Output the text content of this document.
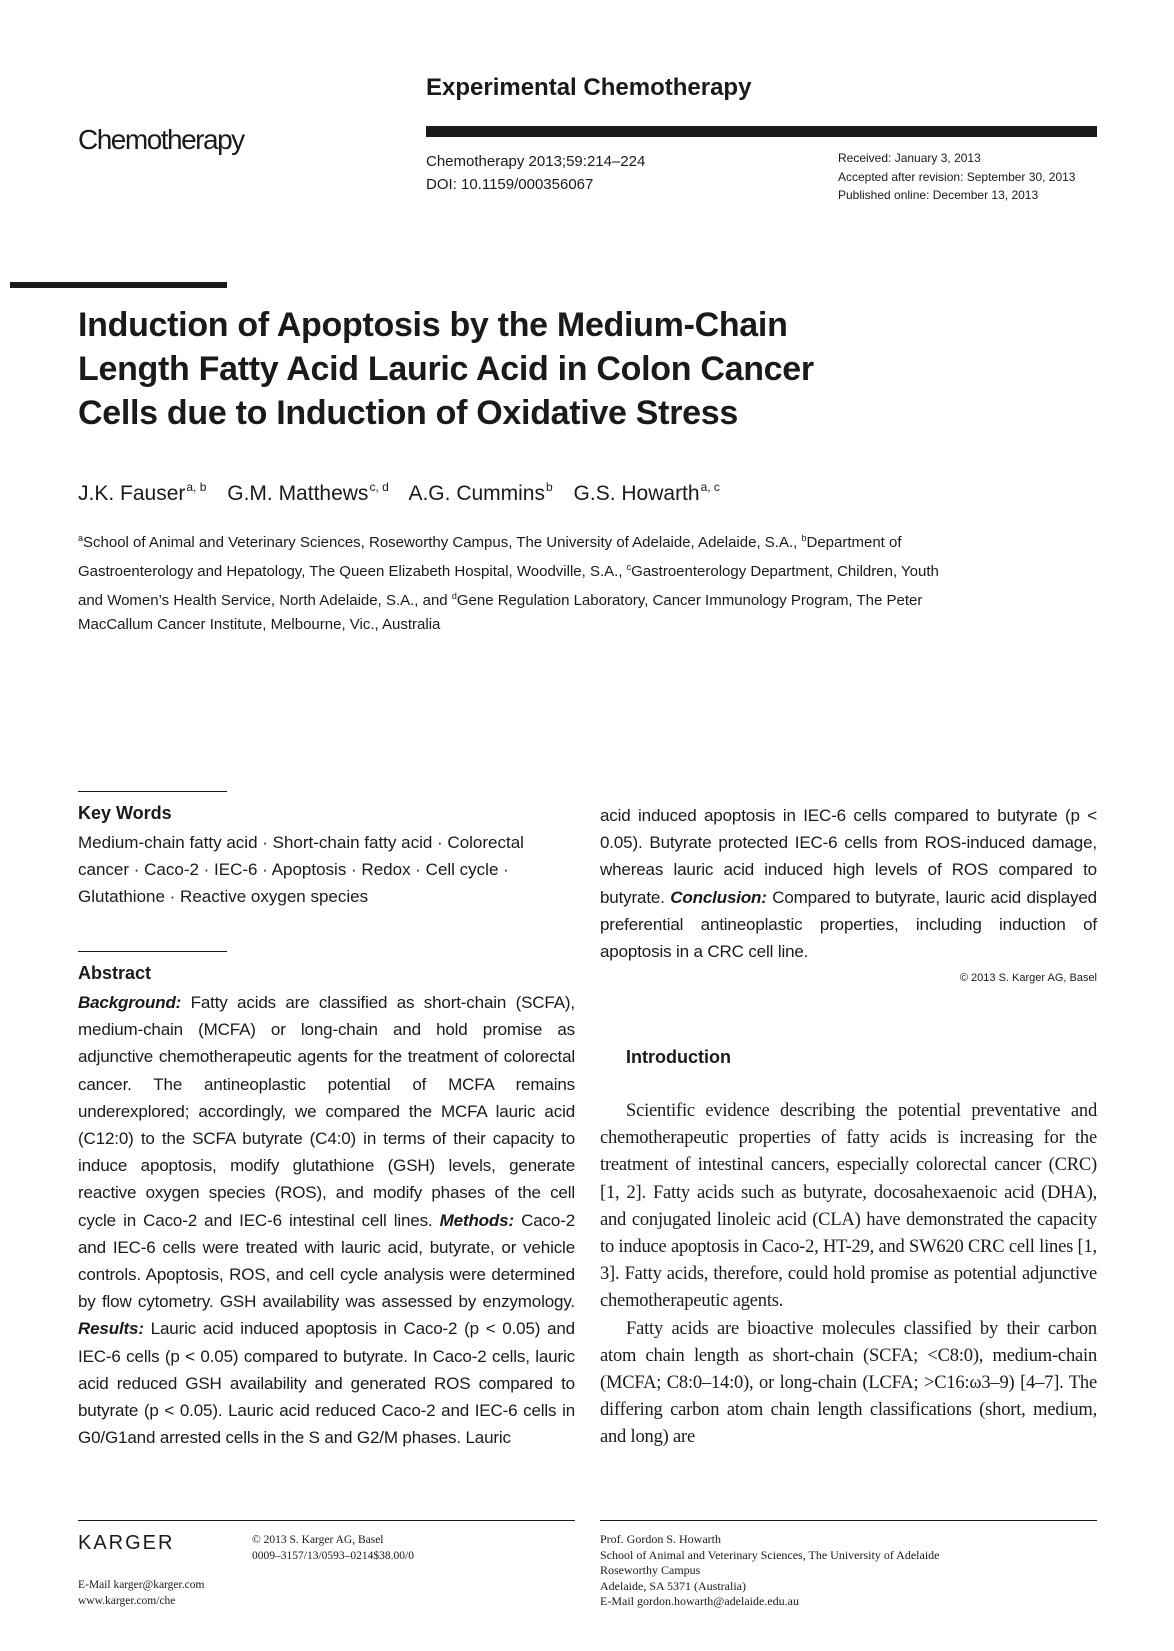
Experimental Chemotherapy
Chemotherapy
Chemotherapy 2013;59:214–224
DOI: 10.1159/000356067
Received: January 3, 2013
Accepted after revision: September 30, 2013
Published online: December 13, 2013
Induction of Apoptosis by the Medium-Chain Length Fatty Acid Lauric Acid in Colon Cancer Cells due to Induction of Oxidative Stress
J.K. Fauser$^{a, b}$ G.M. Matthews$^{c, d}$ A.G. Cummins$^b$ G.S. Howarth$^{a, c}$
$^a$School of Animal and Veterinary Sciences, Roseworthy Campus, The University of Adelaide, Adelaide, S.A., $^b$Department of Gastroenterology and Hepatology, The Queen Elizabeth Hospital, Woodville, S.A., $^c$Gastroenterology Department, Children, Youth and Women’s Health Service, North Adelaide, S.A., and $^d$Gene Regulation Laboratory, Cancer Immunology Program, The Peter MacCallum Cancer Institute, Melbourne, Vic., Australia
Key Words
Medium-chain fatty acid · Short-chain fatty acid · Colorectal cancer · Caco-2 · IEC-6 · Apoptosis · Redox · Cell cycle · Glutathione · Reactive oxygen species
Abstract
Background: Fatty acids are classified as short-chain (SCFA), medium-chain (MCFA) or long-chain and hold promise as adjunctive chemotherapeutic agents for the treatment of colorectal cancer. The antineoplastic potential of MCFA remains underexplored; accordingly, we compared the MCFA lauric acid (C12:0) to the SCFA butyrate (C4:0) in terms of their capacity to induce apoptosis, modify glutathione (GSH) levels, generate reactive oxygen species (ROS), and modify phases of the cell cycle in Caco-2 and IEC-6 intestinal cell lines. Methods: Caco-2 and IEC-6 cells were treated with lauric acid, butyrate, or vehicle controls. Apoptosis, ROS, and cell cycle analysis were determined by flow cytometry. GSH availability was assessed by enzymology. Results: Lauric acid induced apoptosis in Caco-2 (p < 0.05) and IEC-6 cells (p < 0.05) compared to butyrate. In Caco-2 cells, lauric acid reduced GSH availability and generated ROS compared to butyrate (p < 0.05). Lauric acid reduced Caco-2 and IEC-6 cells in G0/G1and arrested cells in the S and G2/M phases. Lauric
acid induced apoptosis in IEC-6 cells compared to butyrate (p < 0.05). Butyrate protected IEC-6 cells from ROS-induced damage, whereas lauric acid induced high levels of ROS compared to butyrate. Conclusion: Compared to butyrate, lauric acid displayed preferential antineoplastic properties, including induction of apoptosis in a CRC cell line.
© 2013 S. Karger AG, Basel
Introduction

Scientific evidence describing the potential preventative and chemotherapeutic properties of fatty acids is increasing for the treatment of intestinal cancers, especially colorectal cancer (CRC) [1, 2]. Fatty acids such as butyrate, docosahexaenoic acid (DHA), and conjugated linoleic acid (CLA) have demonstrated the capacity to induce apoptosis in Caco-2, HT-29, and SW620 CRC cell lines [1, 3]. Fatty acids, therefore, could hold promise as potential adjunctive chemotherapeutic agents.

Fatty acids are bioactive molecules classified by their carbon atom chain length as short-chain (SCFA; <C8:0), medium-chain (MCFA; C8:0–14:0), or long-chain (LCFA; >C16:ω3–9) [4–7]. The differing carbon atom chain length classifications (short, medium, and long) are

KARGER	© 2013 S. Karger AG, Basel
0009–3157/13/0593–0214$38.00/0
E-Mail karger@karger.com
www.karger.com/che
Prof. Gordon S. Howarth
School of Animal and Veterinary Sciences, The University of Adelaide
Roseworthy Campus
Adelaide, SA 5371 (Australia)
E-Mail gordon.howarth@adelaide.edu.au
